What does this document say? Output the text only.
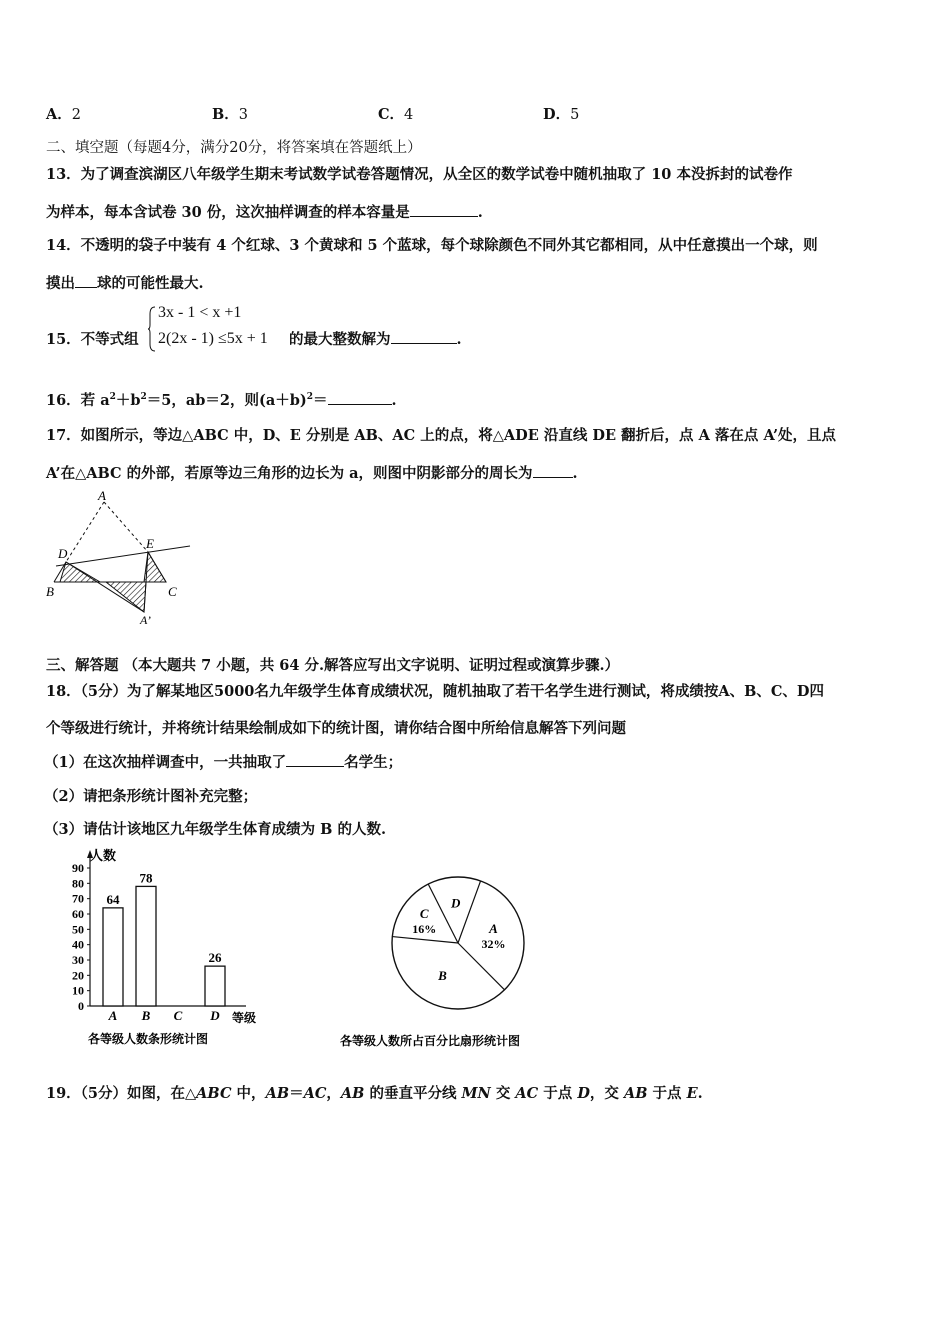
A．2	B．3	C．4	D．5
二、填空题（每题4分，满分20分，将答案填在答题纸上）
13．为了调查滨湖区八年级学生期末考试数学试卷答题情况，从全区的数学试卷中随机抽取了 10 本没拆封的试卷作
为样本，每本含试卷 30 份，这次抽样调查的样本容量是	.
14．不透明的袋子中装有 4 个红球、3 个黄球和 5 个蓝球，每个球除颜色不同外其它都相同，从中任意摸出一个球，则
摸出 球的可能性最大.
15．不等式组
3x - 1 < x +1
2(2x - 1) ≤5x + 1 的最大整数解为	.
16．若 $a^2+b^2=5$，ab＝2，则$(a+b)^2=$	.
17．如图所示，等边△ABC 中，D、E 分别是 AB、AC 上的点，将△ADE 沿直线 DE 翻折后，点 A 落在点 A’处，且点
A’在△ABC 的外部，若原等边三角形的边长为 a，则图中阴影部分的周长为	.
A
D
E
B	C
A’
三、解答题 （本大题共 7 小题，共 64 分.解答应写出文字说明、证明过程或演算步骤.）
18．（5分）为了解某地区5000名九年级学生体育成绩状况，随机抽取了若干名学生进行测试，将成绩按A、B、C、D四
个等级进行统计，并将统计结果绘制成如下的统计图，请你结合图中所给信息解答下列问题
（1）在这次抽样调查中，一共抽取了	名学生；
（2）请把条形统计图补充完整；
（3）请估计该地区九年级学生体育成绩为 B 的人数.
0
10
20
30
40
50
60
70
80
90
64
78
26
A B C D
人数
等级
各等级人数条形统计图
A
32%
B
C
16%
D
各等级人数所占百分比扇形统计图
19．（5分）如图，在△ABC 中，AB＝AC，AB 的垂直平分线 MN 交 AC 于点 D，交 AB 于点 E.
